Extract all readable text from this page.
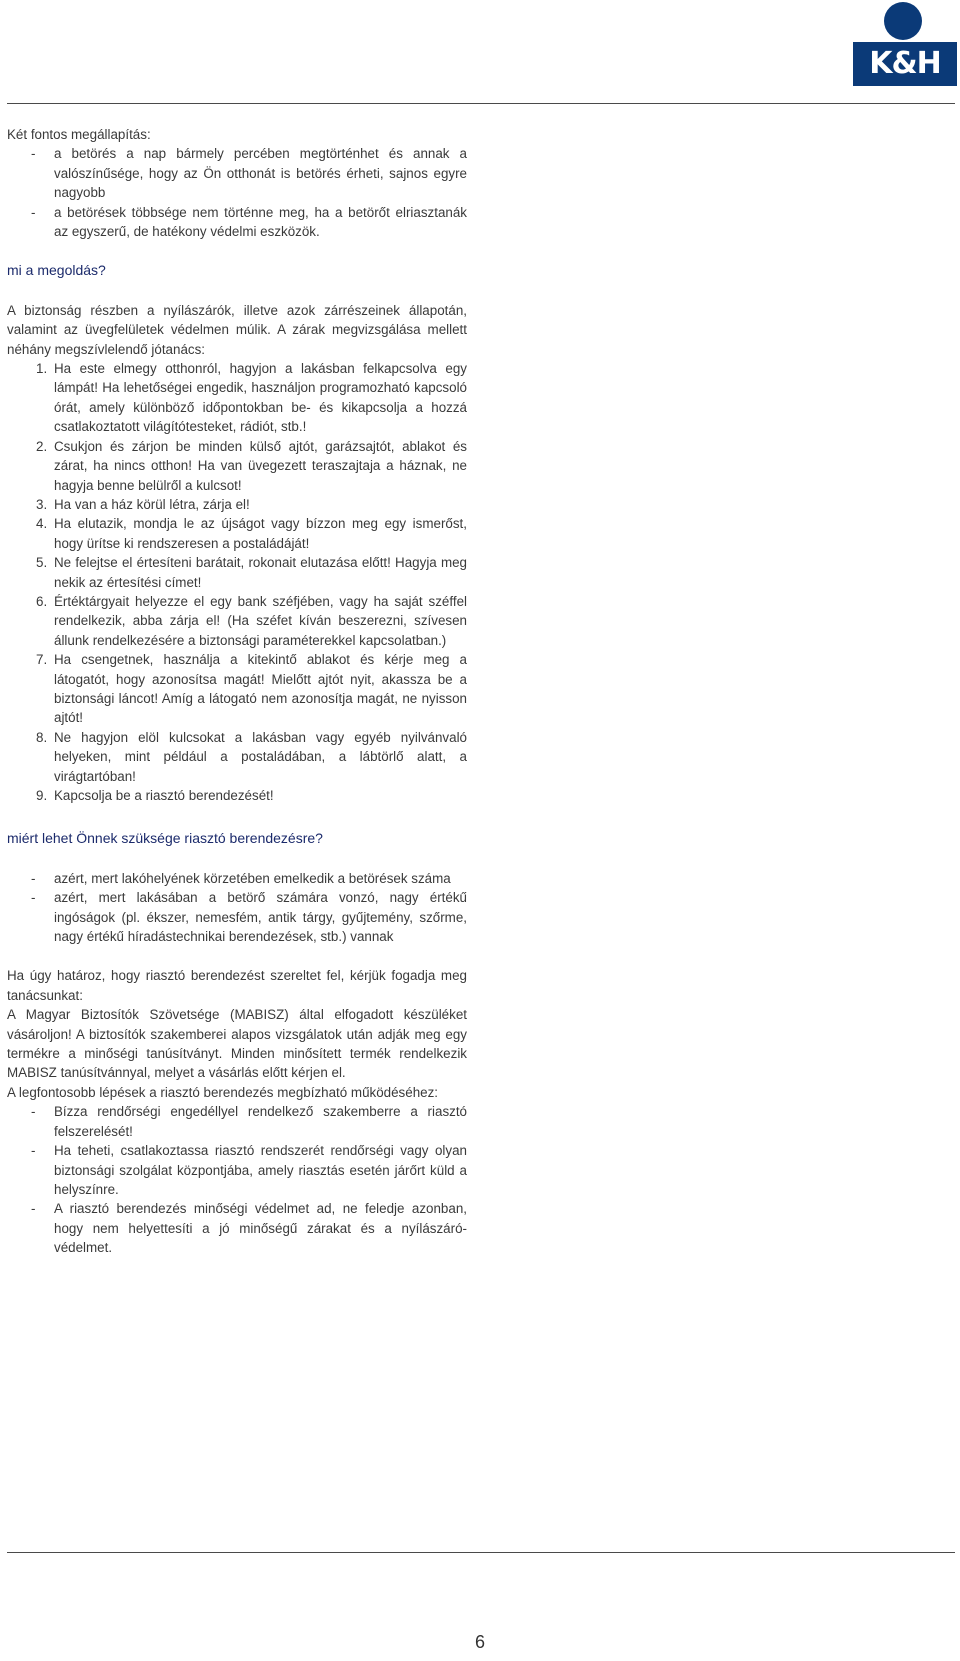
K&H

Két fontos megállapítás:

- a betörés a nap bármely percében megtörténhet és annak a valószínűsége, hogy az Ön otthonát is betörés érheti, sajnos egyre nagyobb
- a betörések többsége nem történne meg, ha a betörőt elriasztanák az egyszerű, de hatékony védelmi eszközök.

mi a megoldás?

A biztonság részben a nyílászárók, illetve azok zárrészeinek állapotán, valamint az üvegfelületek védelmen múlik. A zárak megvizsgálása mellett néhány megszívlelendő jótanács:

1. Ha este elmegy otthonról, hagyjon a lakásban felkapcsolva egy lámpát! Ha lehetőségei engedik, használjon programozható kapcsoló órát, amely különböző időpontokban be- és kikapcsolja a hozzá csatlakoztatott világítótesteket, rádiót, stb.!
2. Csukjon és zárjon be minden külső ajtót, garázsajtót, ablakot és zárat, ha nincs otthon! Ha van üvegezett teraszajtaja a háznak, ne hagyja benne belülről a kulcsot!
3. Ha van a ház körül létra, zárja el!
4. Ha elutazik, mondja le az újságot vagy bízzon meg egy ismerőst, hogy ürítse ki rendszeresen a postaládáját!
5. Ne felejtse el értesíteni barátait, rokonait elutazása előtt! Hagyja meg nekik az értesítési címet!
6. Értéktárgyait helyezze el egy bank széfjében, vagy ha saját széffel rendelkezik, abba zárja el! (Ha széfet kíván beszerezni, szívesen állunk rendelkezésére a biztonsági paraméterekkel kapcsolatban.)
7. Ha csengetnek, használja a kitekintő ablakot és kérje meg a látogatót, hogy azonosítsa magát! Mielőtt ajtót nyit, akassza be a biztonsági láncot! Amíg a látogató nem azonosítja magát, ne nyisson ajtót!
8. Ne hagyjon elöl kulcsokat a lakásban vagy egyéb nyilvánvaló helyeken, mint például a postaládában, a lábtörlő alatt, a virágtartóban!
9. Kapcsolja be a riasztó berendezését!

miért lehet Önnek szüksége riasztó berendezésre?

- azért, mert lakóhelyének körzetében emelkedik a betörések száma
- azért, mert lakásában a betörő számára vonzó, nagy értékű ingóságok (pl. ékszer, nemesfém, antik tárgy, gyűjtemény, szőrme, nagy értékű híradástechnikai berendezések, stb.) vannak

Ha úgy határoz, hogy riasztó berendezést szereltet fel, kérjük fogadja meg tanácsunkat:

A Magyar Biztosítók Szövetsége (MABISZ) által elfogadott készüléket vásároljon! A biztosítók szakemberei alapos vizsgálatok után adják meg egy termékre a minőségi tanúsítványt. Minden minősített termék rendelkezik MABISZ tanúsítvánnyal, melyet a vásárlás előtt kérjen el.

A legfontosobb lépések a riasztó berendezés megbízható működéséhez:

- Bízza rendőrségi engedéllyel rendelkező szakemberre a riasztó felszerelését!
- Ha teheti, csatlakoztassa riasztó rendszerét rendőrségi vagy olyan biztonsági szolgálat központjába, amely riasztás esetén járőrt küld a helyszínre.
- A riasztó berendezés minőségi védelmet ad, ne feledje azonban, hogy nem helyettesíti a jó minőségű zárakat és a nyílászáró-védelmet.
6
